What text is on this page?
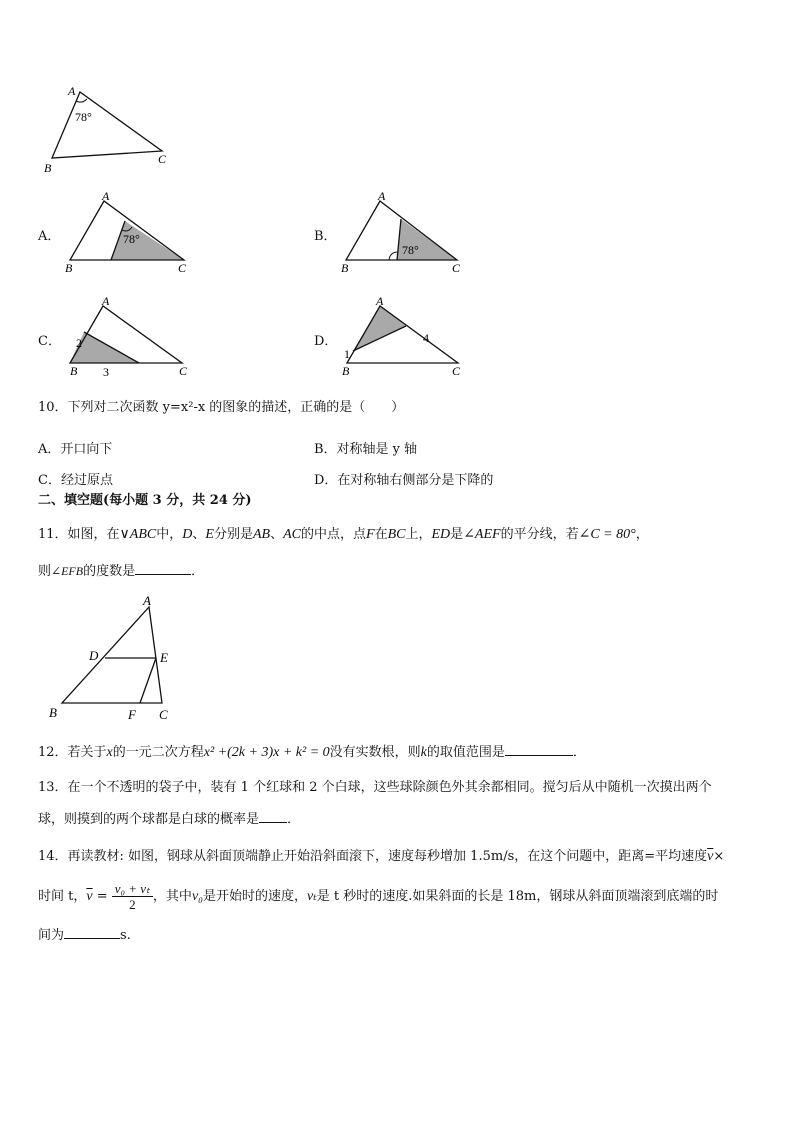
A
B
C
78°
A．
A
B	C
78°	B．
A
B	C
78°
C．
A
B	C
2
3
D．
A
B	C
1
4
10．下列对二次函数 y=x²-x 的图象的描述，正确的是（　　）
A．开口向下	B．对称轴是 y 轴
C．经过原点	D．在对称轴右侧部分是下降的
二、填空题(每小题 3 分，共 24 分)
11．如图，在∨ABC中，D、E分别是AB、AC的中点，点F在BC上，ED是∠AEF的平分线，若∠C = 80°，
则∠EFB的度数是	．
A
D	E
B	F C
12．若关于x的一元二次方程x² +(2k + 3)x + k² = 0没有实数根，则k的取值范围是	．
13．在一个不透明的袋子中，装有 1 个红球和 2 个白球，这些球除颜色外其余都相同。搅匀后从中随机一次摸出两个
球，则摸到的两个球都是白球的概率是 ．
14．再读教材: 如图，钢球从斜面顶端静止开始沿斜面滚下，速度每秒增加 1.5m/s，在这个问题中，距离=平均速度$\overline{v}\times$
时间 t，$\overline{v} = \frac{\text{v₀ + vₜ}}{2}$ ，其中v₀是开始时的速度，vₜ是 t 秒时的速度.如果斜面的长是 18m，钢球从斜面顶端滚到底端的时
间为	s.
